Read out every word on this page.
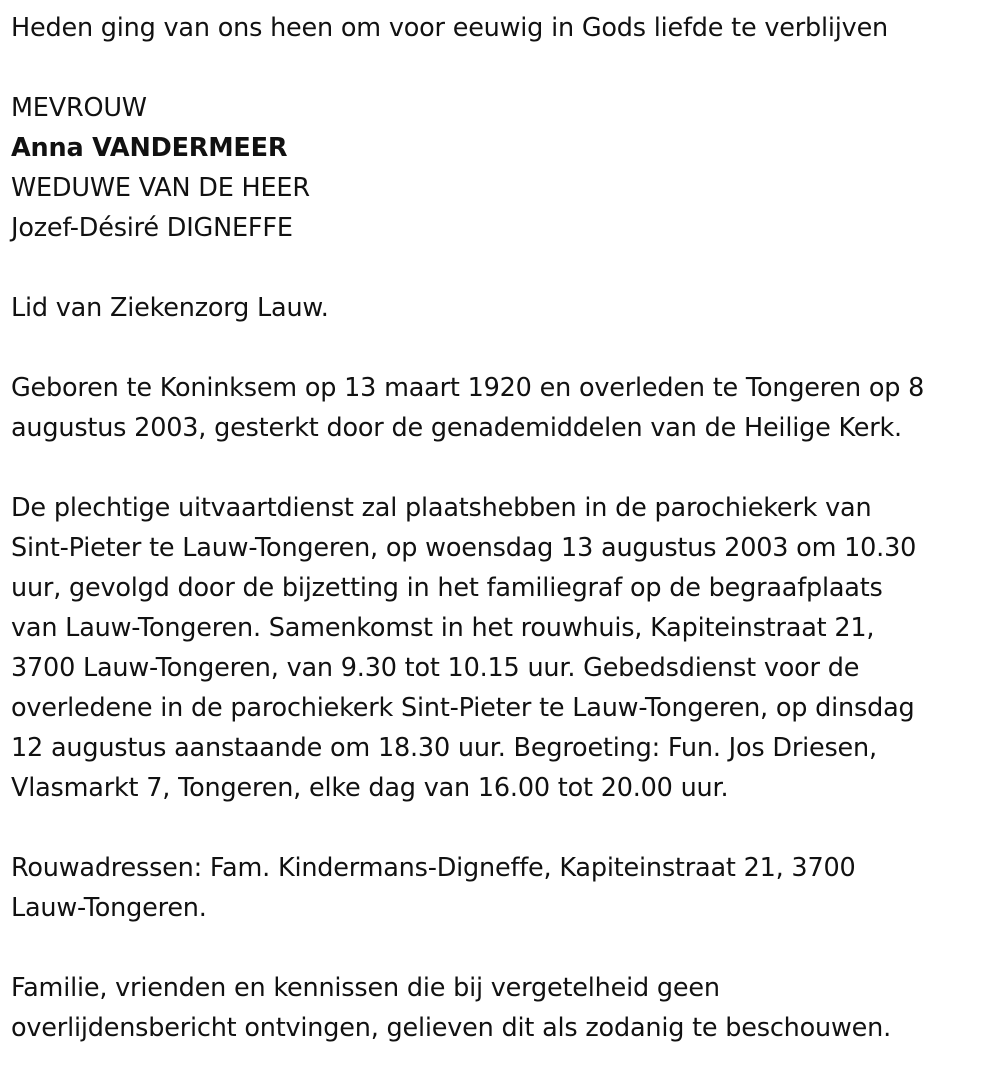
Heden ging van ons heen om voor eeuwig in Gods liefde te verblijven

MEVROUW

Anna VANDERMEER

WEDUWE VAN DE HEER

Jozef-Désiré DIGNEFFE

Lid van Ziekenzorg Lauw.

Geboren te Koninksem op 13 maart 1920 en overleden te Tongeren op 8
augustus 2003, gesterkt door de genademiddelen van de Heilige Kerk.

De plechtige uitvaartdienst zal plaatshebben in de parochiekerk van
Sint-Pieter te Lauw-Tongeren, op woensdag 13 augustus 2003 om 10.30
uur, gevolgd door de bijzetting in het familiegraf op de begraafplaats
van Lauw-Tongeren. Samenkomst in het rouwhuis, Kapiteinstraat 21,
3700 Lauw-Tongeren, van 9.30 tot 10.15 uur. Gebedsdienst voor de
overledene in de parochiekerk Sint-Pieter te Lauw-Tongeren, op dinsdag
12 augustus aanstaande om 18.30 uur. Begroeting: Fun. Jos Driesen,
Vlasmarkt 7, Tongeren, elke dag van 16.00 tot 20.00 uur.

Rouwadressen: Fam. Kindermans-Digneffe, Kapiteinstraat 21, 3700
Lauw-Tongeren.

Familie, vrienden en kennissen die bij vergetelheid geen
overlijdensbericht ontvingen, gelieven dit als zodanig te beschouwen.
